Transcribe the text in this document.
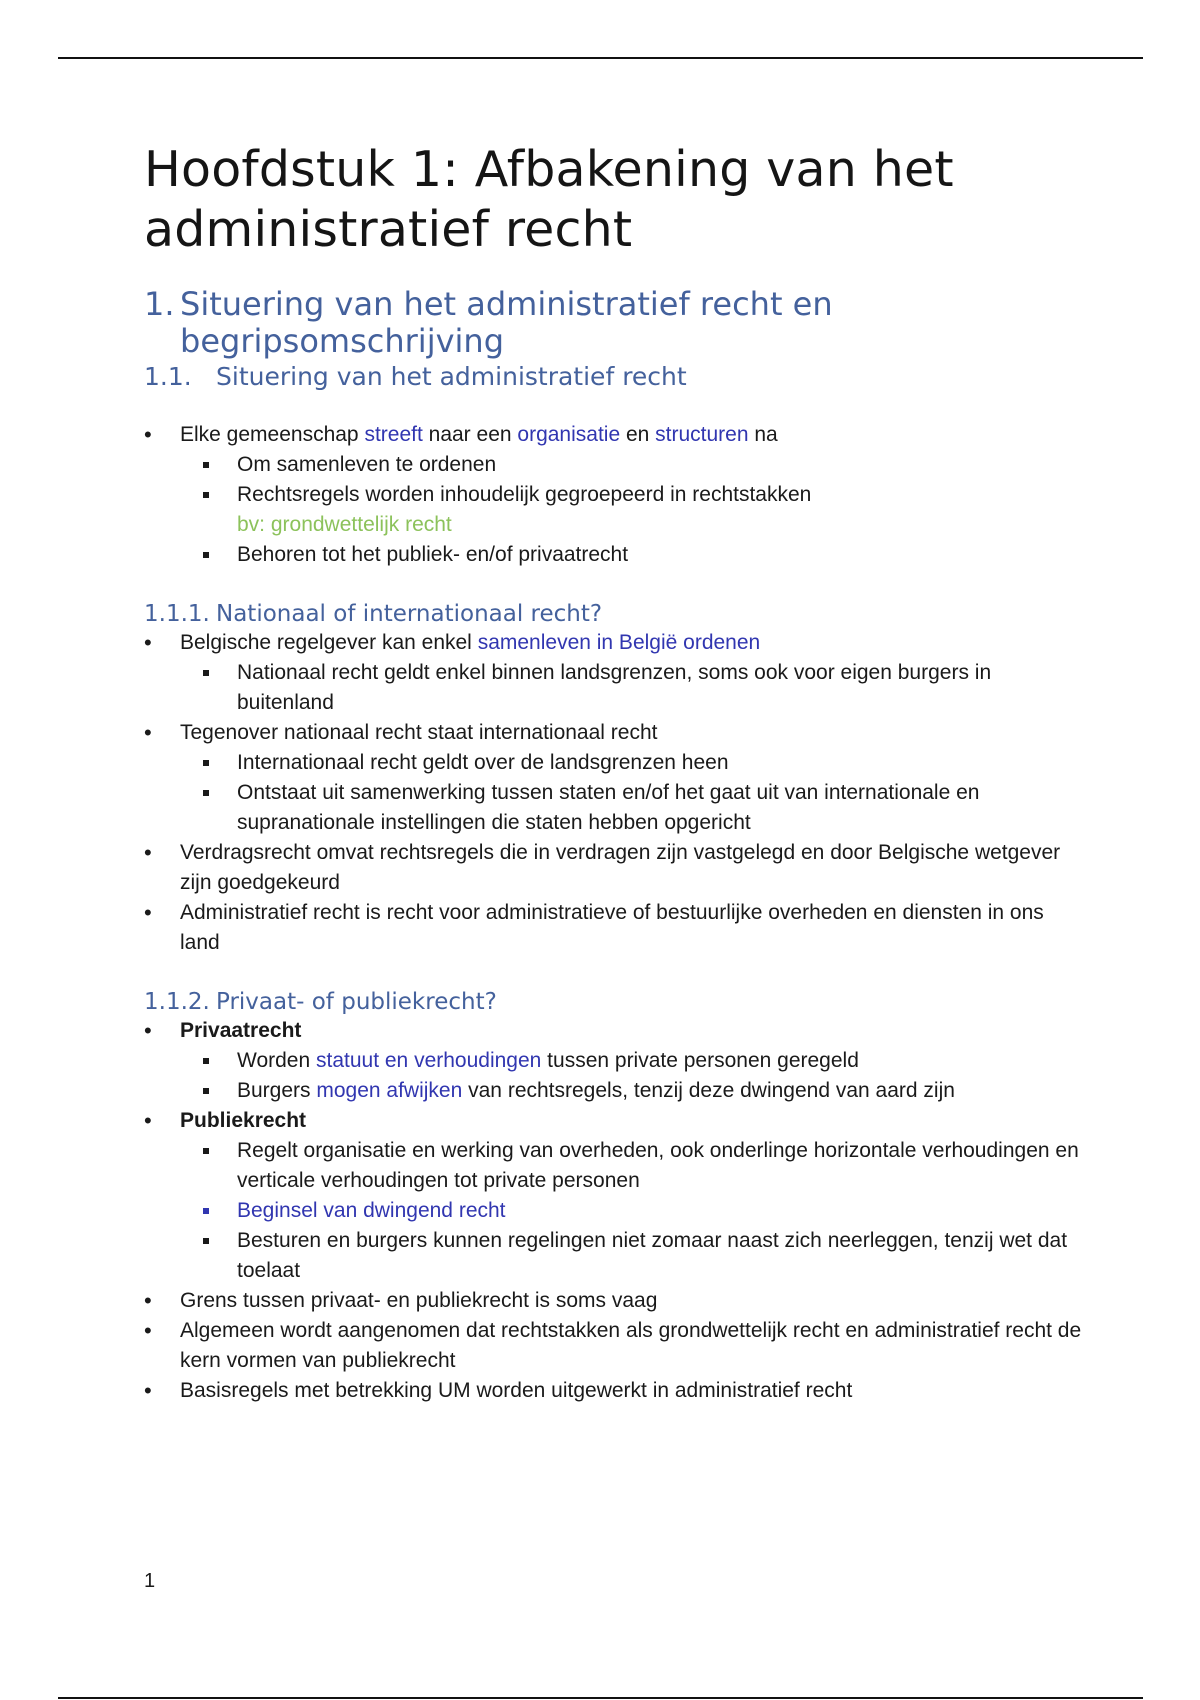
Hoofdstuk 1: Afbakening van het administratief recht
1. Situering van het administratief recht en begripsomschrijving
1.1. Situering van het administratief recht
• Elke gemeenschap streeft naar een organisatie en structuren na
Om samenleven te ordenen
Rechtsregels worden inhoudelijk gegroepeerd in rechtstakken
bv: grondwettelijk recht
Behoren tot het publiek- en/of privaatrecht
1.1.1. Nationaal of internationaal recht?
• Belgische regelgever kan enkel samenleven in België ordenen
Nationaal recht geldt enkel binnen landsgrenzen, soms ook voor eigen burgers in buitenland
• Tegenover nationaal recht staat internationaal recht
Internationaal recht geldt over de landsgrenzen heen
Ontstaat uit samenwerking tussen staten en/of het gaat uit van internationale en supranationale instellingen die staten hebben opgericht
• Verdragsrecht omvat rechtsregels die in verdragen zijn vastgelegd en door Belgische wetgever zijn goedgekeurd
• Administratief recht is recht voor administratieve of bestuurlijke overheden en diensten in ons land
1.1.2. Privaat- of publiekrecht?
• Privaatrecht
Worden statuut en verhoudingen tussen private personen geregeld
Burgers mogen afwijken van rechtsregels, tenzij deze dwingend van aard zijn
• Publiekrecht
Regelt organisatie en werking van overheden, ook onderlinge horizontale verhoudingen en verticale verhoudingen tot private personen
Beginsel van dwingend recht
Besturen en burgers kunnen regelingen niet zomaar naast zich neerleggen, tenzij wet dat toelaat
• Grens tussen privaat- en publiekrecht is soms vaag
• Algemeen wordt aangenomen dat rechtstakken als grondwettelijk recht en administratief recht de kern vormen van publiekrecht
• Basisregels met betrekking UM worden uitgewerkt in administratief recht
1
